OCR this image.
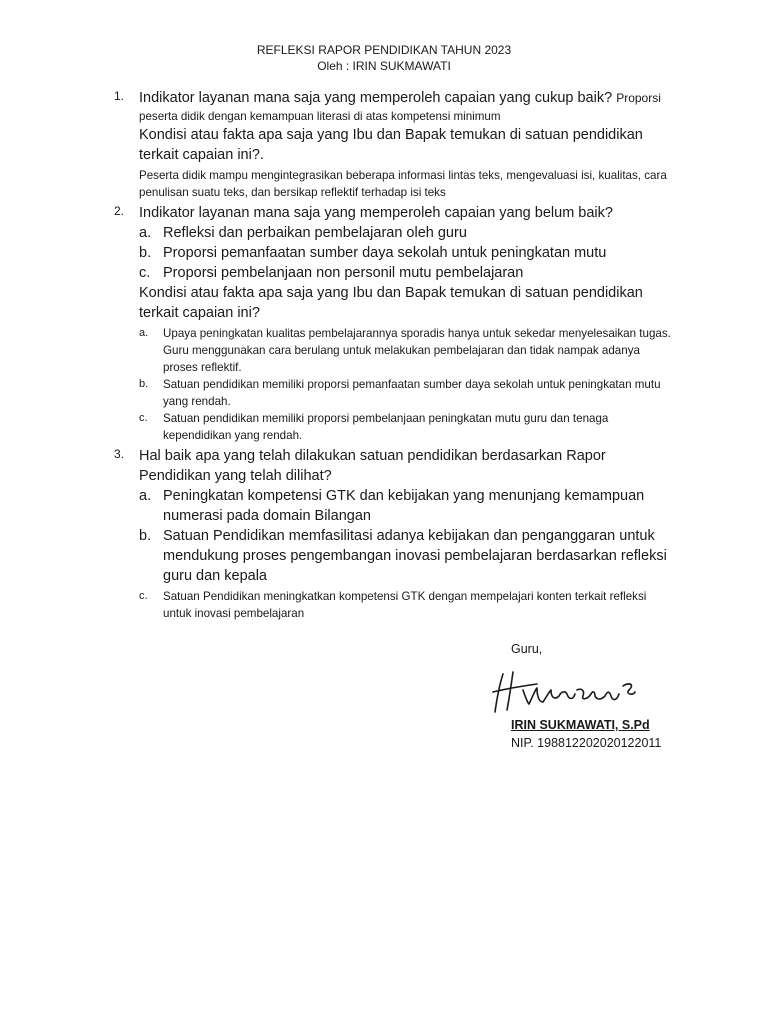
REFLEKSI RAPOR PENDIDIKAN TAHUN 2023
Oleh : IRIN SUKMAWATI
1. Indikator layanan mana saja yang memperoleh capaian yang cukup baik? Proporsi
peserta didik dengan kemampuan literasi di atas kompetensi minimum
Kondisi atau fakta apa saja yang Ibu dan Bapak temukan di satuan pendidikan terkait capaian ini?.
Peserta didik mampu mengintegrasikan beberapa informasi lintas teks, mengevaluasi isi, kualitas, cara penulisan suatu teks, dan bersikap reflektif terhadap isi teks
2. Indikator layanan mana saja yang memperoleh capaian yang belum baik?
a. Refleksi dan perbaikan pembelajaran oleh guru
b. Proporsi pemanfaatan sumber daya sekolah untuk peningkatan mutu
c. Proporsi pembelanjaan non personil mutu pembelajaran
Kondisi atau fakta apa saja yang Ibu dan Bapak temukan di satuan pendidikan terkait capaian ini?
a. Upaya peningkatan kualitas pembelajarannya sporadis hanya untuk sekedar menyelesaikan tugas. Guru menggunakan cara berulang untuk melakukan pembelajaran dan tidak nampak adanya proses reflektif.
b. Satuan pendidikan memiliki proporsi pemanfaatan sumber daya sekolah untuk peningkatan mutu yang rendah.
c. Satuan pendidikan memiliki proporsi pembelanjaan peningkatan mutu guru dan tenaga kependidikan yang rendah.
3. Hal baik apa yang telah dilakukan satuan pendidikan berdasarkan Rapor Pendidikan yang telah dilihat?
a. Peningkatan kompetensi GTK dan kebijakan yang menunjang kemampuan numerasi pada domain Bilangan
b. Satuan Pendidikan memfasilitasi adanya kebijakan dan penganggaran untuk mendukung proses pengembangan inovasi pembelajaran berdasarkan refleksi guru dan kepala
c. Satuan Pendidikan meningkatkan kompetensi GTK dengan mempelajari konten terkait refleksi untuk inovasi pembelajaran
Guru,
IRIN SUKMAWATI, S.Pd
NIP. 198812202020122011
